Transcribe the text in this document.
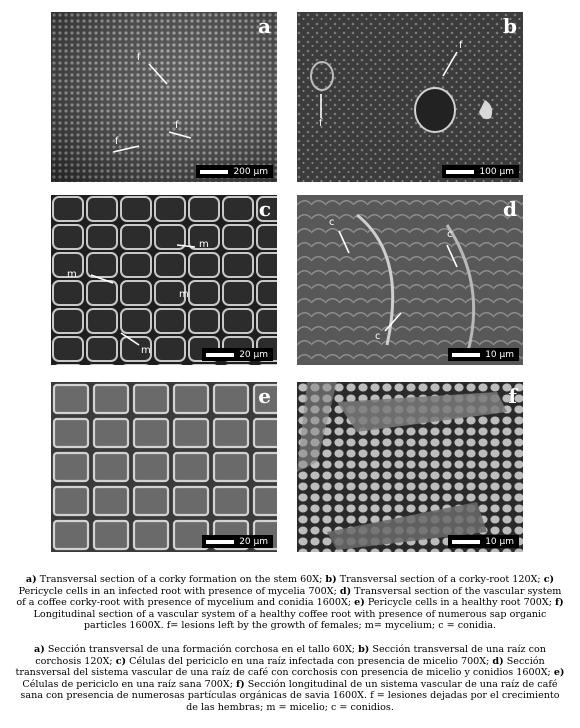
f
f
f
a
200 µm
f
f
b
100 µm
m
m
m
m
c
20 µm
c
c
c
d
10 µm
e
20 µm
f
10 µm
a) Transversal section of a corky formation on the stem 60X; b) Transversal section of a corky-root 120X; c) Pericycle cells in an infected root with presence of mycelia 700X; d) Transversal section of the vascular system of a coffee corky-root with presence of mycelium and conidia 1600X; e) Pericycle cells in a healthy root 700X; f) Longitudinal section of a vascular system of a healthy coffee root with presence of numerous sap organic particles 1600X. f= lesions left by the growth of females; m= mycelium; c = conidia.
a) Sección transversal de una formación corchosa en el tallo 60X; b) Sección transversal de una raíz con corchosis 120X; c) Células del periciclo en una raíz infectada con presencia de micelio 700X; d) Sección transversal del sistema vascular de una raíz de café con corchosis con presencia de micelio y conidios 1600X; e) Células de periciclo en una raíz sana 700X; f) Sección longitudinal de un sistema vascular de una raíz de café sana con presencia de numerosas partículas orgánicas de savia 1600X. f = lesiones dejadas por el crecimiento de las hembras; m = micelio; c = conidios.
